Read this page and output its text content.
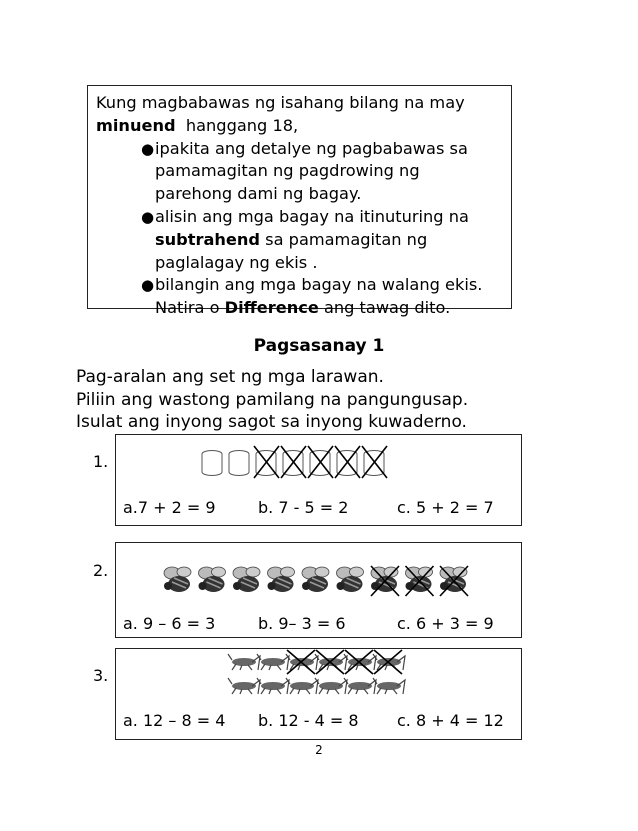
Kung magbabawas ng isahang bilang na may

minuend hanggang 18,

● ipakita ang detalye ng pagbabawas sa
pamamagitan ng pagdrowing ng
parehong dami ng bagay.
● alisin ang mga bagay na itinuturing na
subtrahend sa pamamagitan ng
paglalagay ng ekis .
● bilangin ang mga bagay na walang ekis.
Natira o Difference ang tawag dito.
Pagsasanay 1
Pag-aralan ang set ng mga larawan.
Piliin ang wastong pamilang na pangungusap.
Isulat ang inyong sagot sa inyong kuwaderno.
1.
a.7 + 2 = 9	b. 7 - 5 = 2	c. 5 + 2 = 7
2.
a. 9 – 6 = 3	b. 9– 3 = 6	c. 6 + 3 = 9
3.
a. 12 – 8 = 4 b. 12 - 4 = 8 c. 8 + 4 = 12
2
